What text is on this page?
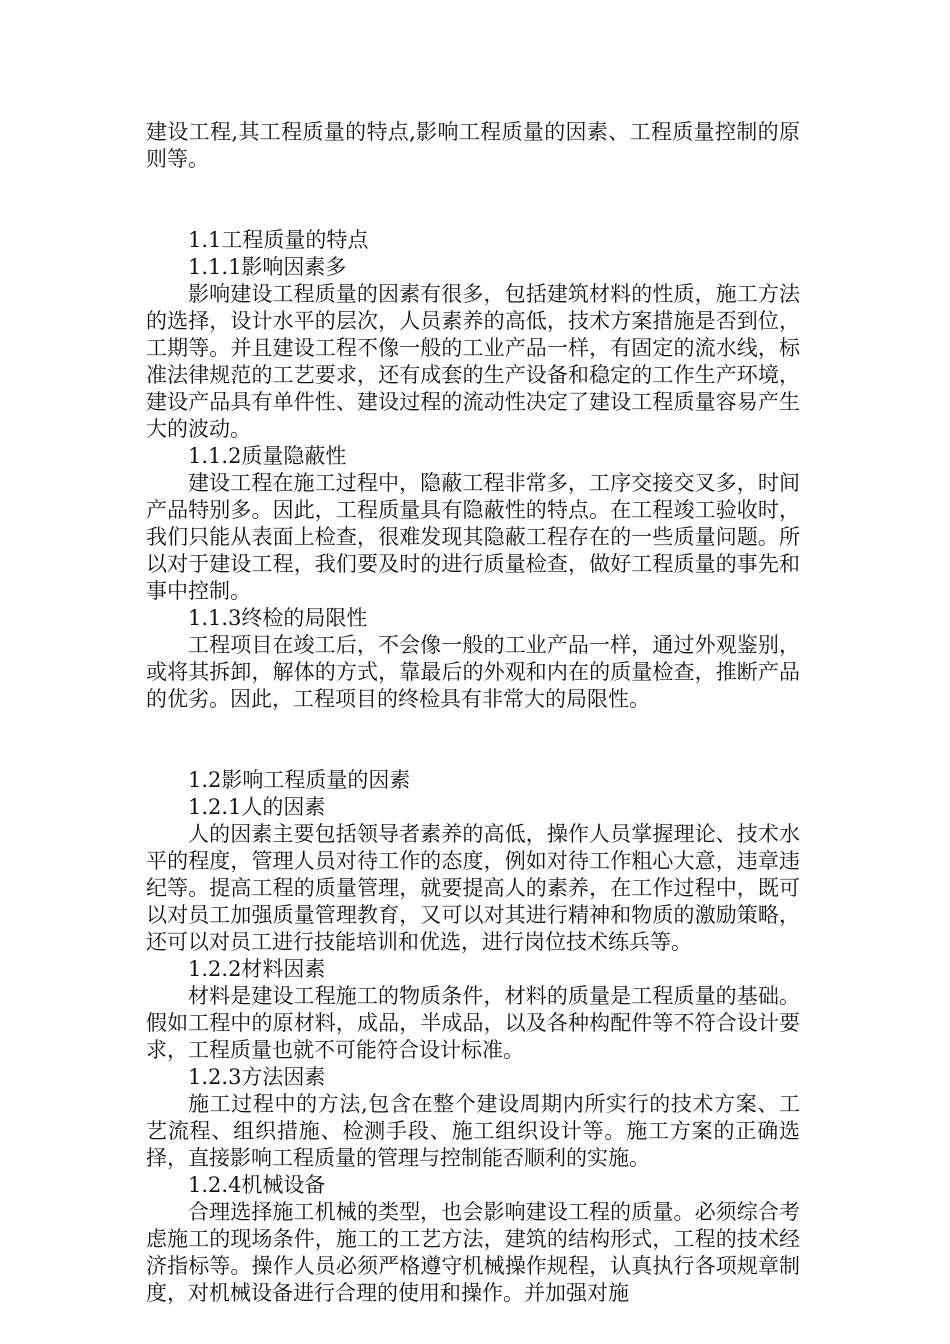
建设工程,其工程质量的特点,影响工程质量的因素、工程质量控制的原则等。

1.1工程质量的特点

1.1.1影响因素多

影响建设工程质量的因素有很多，包括建筑材料的性质，施工方法的选择，设计水平的层次，人员素养的高低，技术方案措施是否到位，工期等。并且建设工程不像一般的工业产品一样，有固定的流水线，标准法律规范的工艺要求，还有成套的生产设备和稳定的工作生产环境，建设产品具有单件性、建设过程的流动性决定了建设工程质量容易产生大的波动。

1.1.2质量隐蔽性

建设工程在施工过程中，隐蔽工程非常多，工序交接交叉多，时间产品特别多。因此，工程质量具有隐蔽性的特点。在工程竣工验收时，我们只能从表面上检查，很难发现其隐蔽工程存在的一些质量问题。所以对于建设工程，我们要及时的进行质量检查，做好工程质量的事先和事中控制。

1.1.3终检的局限性

工程项目在竣工后，不会像一般的工业产品一样，通过外观鉴别，或将其拆卸，解体的方式，靠最后的外观和内在的质量检查，推断产品的优劣。因此，工程项目的终检具有非常大的局限性。

1.2影响工程质量的因素

1.2.1人的因素

人的因素主要包括领导者素养的高低，操作人员掌握理论、技术水平的程度，管理人员对待工作的态度，例如对待工作粗心大意，违章违纪等。提高工程的质量管理，就要提高人的素养，在工作过程中，既可以对员工加强质量管理教育，又可以对其进行精神和物质的激励策略，还可以对员工进行技能培训和优选，进行岗位技术练兵等。

1.2.2材料因素

材料是建设工程施工的物质条件，材料的质量是工程质量的基础。假如工程中的原材料，成品，半成品，以及各种构配件等不符合设计要求，工程质量也就不可能符合设计标准。

1.2.3方法因素

施工过程中的方法,包含在整个建设周期内所实行的技术方案、工艺流程、组织措施、检测手段、施工组织设计等。施工方案的正确选择，直接影响工程质量的管理与控制能否顺利的实施。

1.2.4机械设备

合理选择施工机械的类型，也会影响建设工程的质量。必须综合考虑施工的现场条件，施工的工艺方法，建筑的结构形式，工程的技术经济指标等。操作人员必须严格遵守机械操作规程，认真执行各项规章制度，对机械设备进行合理的使用和操作。并加强对施
